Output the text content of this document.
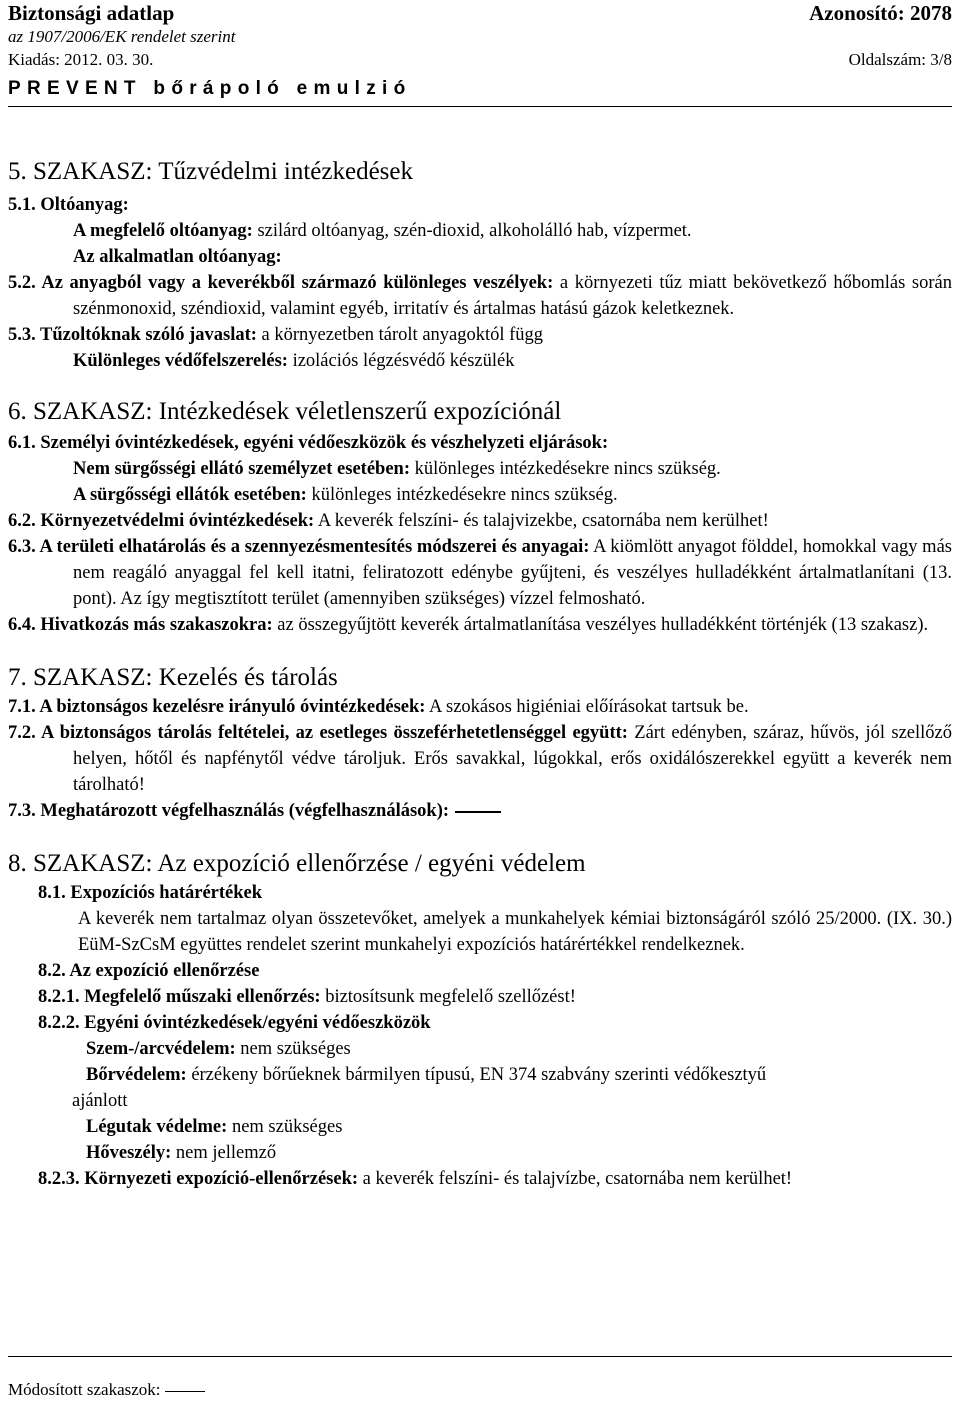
Biztonsági adatlap	Azonosító: 2078
az 1907/2006/EK rendelet szerint
Kiadás: 2012. 03. 30.	Oldalszám: 3/8
PREVENT bőrápoló emulzió
5. SZAKASZ: Tűzvédelmi intézkedések

5.1. Oltóanyag:

A megfelelő oltóanyag: szilárd oltóanyag, szén-dioxid, alkoholálló hab, vízpermet.

Az alkalmatlan oltóanyag:

5.2. Az anyagból vagy a keverékből származó különleges veszélyek: a környezeti tűz miatt bekövetkező hőbomlás során szénmonoxid, széndioxid, valamint egyéb, irritatív és ártalmas hatású gázok keletkeznek.

5.3. Tűzoltóknak szóló javaslat: a környezetben tárolt anyagoktól függ

Különleges védőfelszerelés: izolációs légzésvédő készülék

6. SZAKASZ: Intézkedések véletlenszerű expozíciónál

6.1. Személyi óvintézkedések, egyéni védőeszközök és vészhelyzeti eljárások:

Nem sürgősségi ellátó személyzet esetében: különleges intézkedésekre nincs szükség.

A sürgősségi ellátók esetében: különleges intézkedésekre nincs szükség.

6.2. Környezetvédelmi óvintézkedések: A keverék felszíni- és talajvizekbe, csatornába nem kerülhet!

6.3. A területi elhatárolás és a szennyezésmentesítés módszerei és anyagai: A kiömlött anyagot földdel, homokkal vagy más nem reagáló anyaggal fel kell itatni, feliratozott edénybe gyűjteni, és veszélyes hulladékként ártalmatlanítani (13. pont). Az így megtisztított terület (amennyiben szükséges) vízzel felmosható.

6.4. Hivatkozás más szakaszokra: az összegyűjtött keverék ártalmatlanítása veszélyes hulladékként történjék (13 szakasz).

7. SZAKASZ: Kezelés és tárolás

7.1. A biztonságos kezelésre irányuló óvintézkedések: A szokásos higiéniai előírásokat tartsuk be.

7.2. A biztonságos tárolás feltételei, az esetleges összeférhetetlenséggel együtt: Zárt edényben, száraz, hűvös, jól szellőző helyen, hőtől és napfénytől védve tároljuk. Erős savakkal, lúgokkal, erős oxidálószerekkel együtt a keverék nem tárolható!

7.3. Meghatározott végfelhasználás (végfelhasználások):

8. SZAKASZ: Az expozíció ellenőrzése / egyéni védelem

8.1. Expozíciós határértékek

A keverék nem tartalmaz olyan összetevőket, amelyek a munkahelyek kémiai biztonságáról szóló 25/2000. (IX. 30.) EüM-SzCsM együttes rendelet szerint munkahelyi expozíciós határértékkel rendelkeznek.

8.2. Az expozíció ellenőrzése

8.2.1. Megfelelő műszaki ellenőrzés: biztosítsunk megfelelő szellőzést!

8.2.2. Egyéni óvintézkedések/egyéni védőeszközök

Szem-/arcvédelem: nem szükséges

Bőrvédelem: érzékeny bőrűeknek bármilyen típusú, EN 374 szabvány szerinti védőkesztyű

ajánlott

Légutak védelme: nem szükséges

Hőveszély: nem jellemző

8.2.3. Környezeti expozíció-ellenőrzések: a keverék felszíni- és talajvízbe, csatornába nem kerülhet!

Módosított szakaszok:
